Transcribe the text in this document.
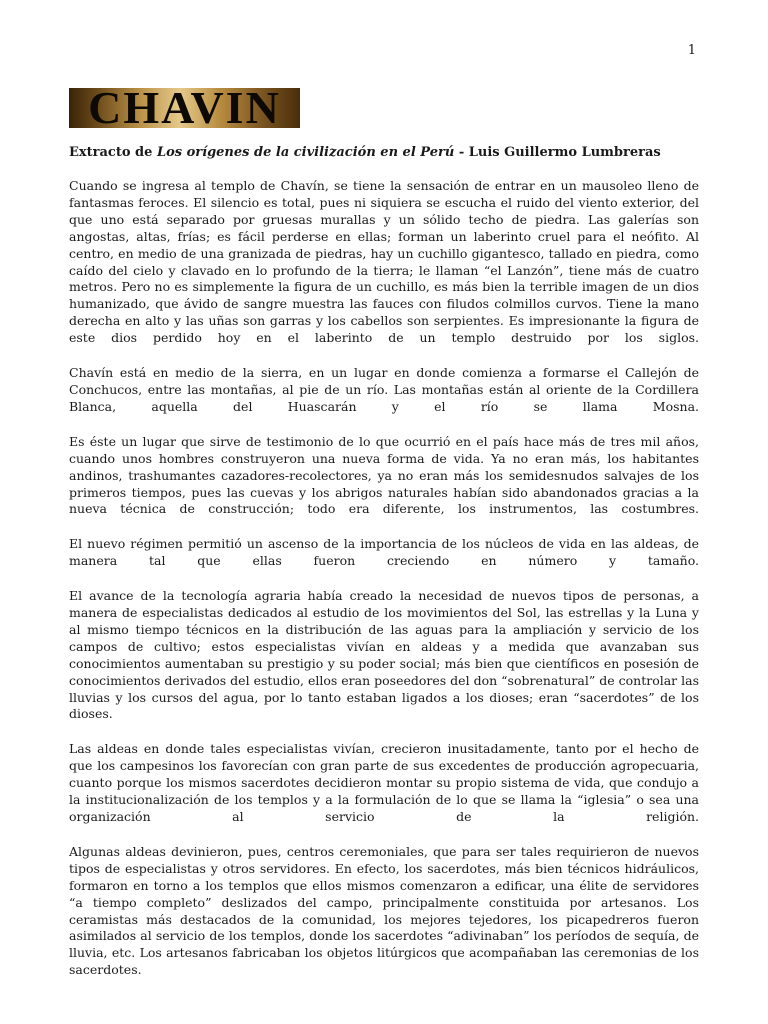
1
CHAVIN
Extracto de Los orígenes de la civilización en el Perú - Luis Guillermo Lumbreras

Cuando se ingresa al templo de Chavín, se tiene la sensación de entrar en un mausoleo lleno de fantasmas feroces. El silencio es total, pues ni siquiera se escucha el ruido del viento exterior, del que uno está separado por gruesas murallas y un sólido techo de piedra. Las galerías son angostas, altas, frías; es fácil perderse en ellas; forman un laberinto cruel para el neófito. Al centro, en medio de una granizada de piedras, hay un cuchillo gigantesco, tallado en piedra, como caído del cielo y clavado en lo profundo de la tierra; le llaman “el Lanzón”, tiene más de cuatro metros. Pero no es simplemente la figura de un cuchillo, es más bien la terrible imagen de un dios humanizado, que ávido de sangre muestra las fauces con filudos colmillos curvos. Tiene la mano derecha en alto y las uñas son garras y los cabellos son serpientes. Es impresionante la figura de este dios perdido hoy en el laberinto de un templo destruido por los siglos.

Chavín está en medio de la sierra, en un lugar en donde comienza a formarse el Callejón de Conchucos, entre las montañas, al pie de un río. Las montañas están al oriente de la Cordillera Blanca, aquella del Huascarán y el río se llama Mosna.

Es éste un lugar que sirve de testimonio de lo que ocurrió en el país hace más de tres mil años, cuando unos hombres construyeron una nueva forma de vida. Ya no eran más, los habitantes andinos, trashumantes cazadores-recolectores, ya no eran más los semidesnudos salvajes de los primeros tiempos, pues las cuevas y los abrigos naturales habían sido abandonados gracias a la nueva técnica de construcción; todo era diferente, los instrumentos, las costumbres.

El nuevo régimen permitió un ascenso de la importancia de los núcleos de vida en las aldeas, de manera tal que ellas fueron creciendo en número y tamaño.

El avance de la tecnología agraria había creado la necesidad de nuevos tipos de personas, a manera de especialistas dedicados al estudio de los movimientos del Sol, las estrellas y la Luna y al mismo tiempo técnicos en la distribución de las aguas para la ampliación y servicio de los campos de cultivo; estos especialistas vivían en aldeas y a medida que avanzaban sus conocimientos aumentaban su prestigio y su poder social; más bien que científicos en posesión de conocimientos derivados del estudio, ellos eran poseedores del don “sobrenatural” de controlar las lluvias y los cursos del agua, por lo tanto estaban ligados a los dioses; eran “sacerdotes” de los dioses.

Las aldeas en donde tales especialistas vivían, crecieron inusitadamente, tanto por el hecho de que los campesinos los favorecían con gran parte de sus excedentes de producción agropecuaria, cuanto porque los mismos sacerdotes decidieron montar su propio sistema de vida, que condujo a la institucionalización de los templos y a la formulación de lo que se llama la “iglesia” o sea una organización al servicio de la religión.

Algunas aldeas devinieron, pues, centros ceremoniales, que para ser tales requirieron de nuevos tipos de especialistas y otros servidores. En efecto, los sacerdotes, más bien técnicos hidráulicos, formaron en torno a los templos que ellos mismos comenzaron a edificar, una élite de servidores “a tiempo completo” deslizados del campo, principalmente constituida por artesanos. Los ceramistas más destacados de la comunidad, los mejores tejedores, los picapedreros fueron asimilados al servicio de los templos, donde los sacerdotes “adivinaban” los períodos de sequía, de lluvia, etc. Los artesanos fabricaban los objetos litúrgicos que acompañaban las ceremonias de los sacerdotes.
